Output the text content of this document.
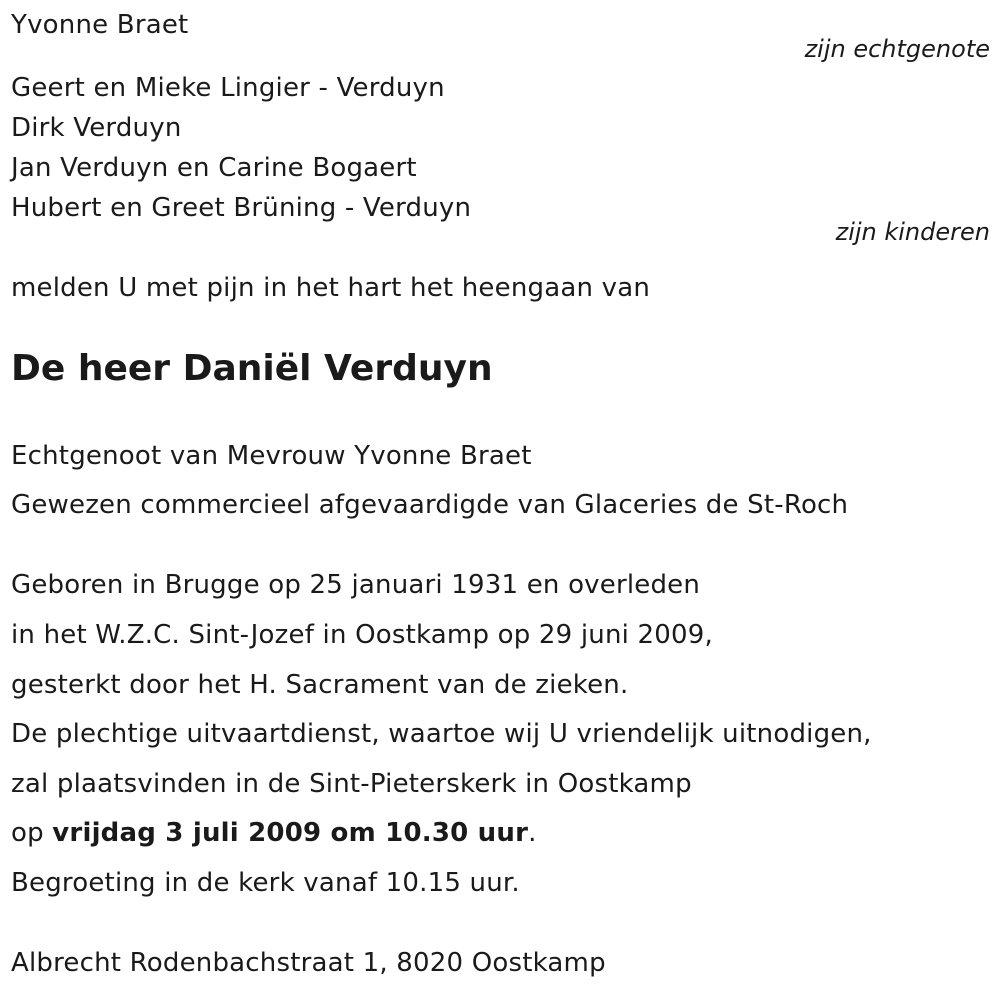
Yvonne Braet
zijn echtgenote
Geert en Mieke Lingier - Verduyn
Dirk Verduyn
Jan Verduyn en Carine Bogaert
Hubert en Greet Brüning - Verduyn
zijn kinderen
melden U met pijn in het hart het heengaan van
De heer Daniël Verduyn
Echtgenoot van Mevrouw Yvonne Braet
Gewezen commercieel afgevaardigde van Glaceries de St-Roch
Geboren in Brugge op 25 januari 1931 en overleden
in het W.Z.C. Sint-Jozef in Oostkamp op 29 juni 2009,
gesterkt door het H. Sacrament van de zieken.
De plechtige uitvaartdienst, waartoe wij U vriendelijk uitnodigen,
zal plaatsvinden in de Sint-Pieterskerk in Oostkamp
op vrijdag 3 juli 2009 om 10.30 uur.
Begroeting in de kerk vanaf 10.15 uur.
Albrecht Rodenbachstraat 1, 8020 Oostkamp
